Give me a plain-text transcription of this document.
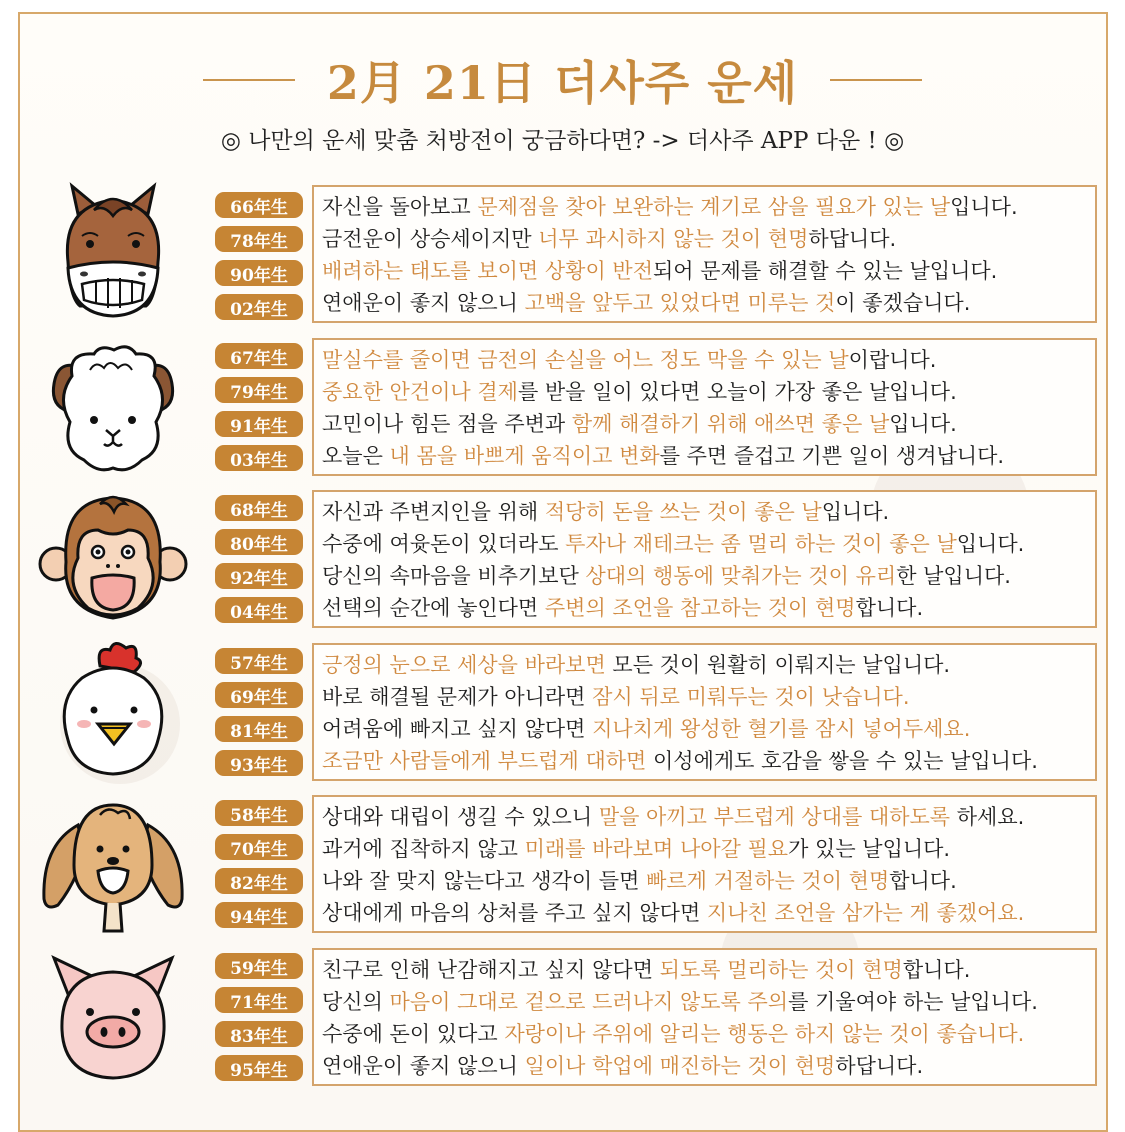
2月 21日 더사주 운세
◎ 나만의 운세 맞춤 처방전이 궁금하다면? -> 더사주 APP 다운 ! ◎
66年生
78年生
90年生
02年生
자신을 돌아보고 문제점을 찾아 보완하는 계기로 삼을 필요가 있는 날입니다.
금전운이 상승세이지만 너무 과시하지 않는 것이 현명하답니다.
배려하는 태도를 보이면 상황이 반전되어 문제를 해결할 수 있는 날입니다.
연애운이 좋지 않으니 고백을 앞두고 있었다면 미루는 것이 좋겠습니다.
67年生
79年生
91年生
03年生
말실수를 줄이면 금전의 손실을 어느 정도 막을 수 있는 날이랍니다.
중요한 안건이나 결제를 받을 일이 있다면 오늘이 가장 좋은 날입니다.
고민이나 힘든 점을 주변과 함께 해결하기 위해 애쓰면 좋은 날입니다.
오늘은 내 몸을 바쁘게 움직이고 변화를 주면 즐겁고 기쁜 일이 생겨납니다.
68年生
80年生
92年生
04年生
자신과 주변지인을 위해 적당히 돈을 쓰는 것이 좋은 날입니다.
수중에 여윳돈이 있더라도 투자나 재테크는 좀 멀리 하는 것이 좋은 날입니다.
당신의 속마음을 비추기보단 상대의 행동에 맞춰가는 것이 유리한 날입니다.
선택의 순간에 놓인다면 주변의 조언을 참고하는 것이 현명합니다.
57年生
69年生
81年生
93年生
긍정의 눈으로 세상을 바라보면 모든 것이 원활히 이뤄지는 날입니다.
바로 해결될 문제가 아니라면 잠시 뒤로 미뤄두는 것이 낫습니다.
어려움에 빠지고 싶지 않다면 지나치게 왕성한 혈기를 잠시 넣어두세요.
조금만 사람들에게 부드럽게 대하면 이성에게도 호감을 쌓을 수 있는 날입니다.
58年生
70年生
82年生
94年生
상대와 대립이 생길 수 있으니 말을 아끼고 부드럽게 상대를 대하도록 하세요.
과거에 집착하지 않고 미래를 바라보며 나아갈 필요가 있는 날입니다.
나와 잘 맞지 않는다고 생각이 들면 빠르게 거절하는 것이 현명합니다.
상대에게 마음의 상처를 주고 싶지 않다면 지나친 조언을 삼가는 게 좋겠어요.
59年生
71年生
83年生
95年生
친구로 인해 난감해지고 싶지 않다면 되도록 멀리하는 것이 현명합니다.
당신의 마음이 그대로 겉으로 드러나지 않도록 주의를 기울여야 하는 날입니다.
수중에 돈이 있다고 자랑이나 주위에 알리는 행동은 하지 않는 것이 좋습니다.
연애운이 좋지 않으니 일이나 학업에 매진하는 것이 현명하답니다.
